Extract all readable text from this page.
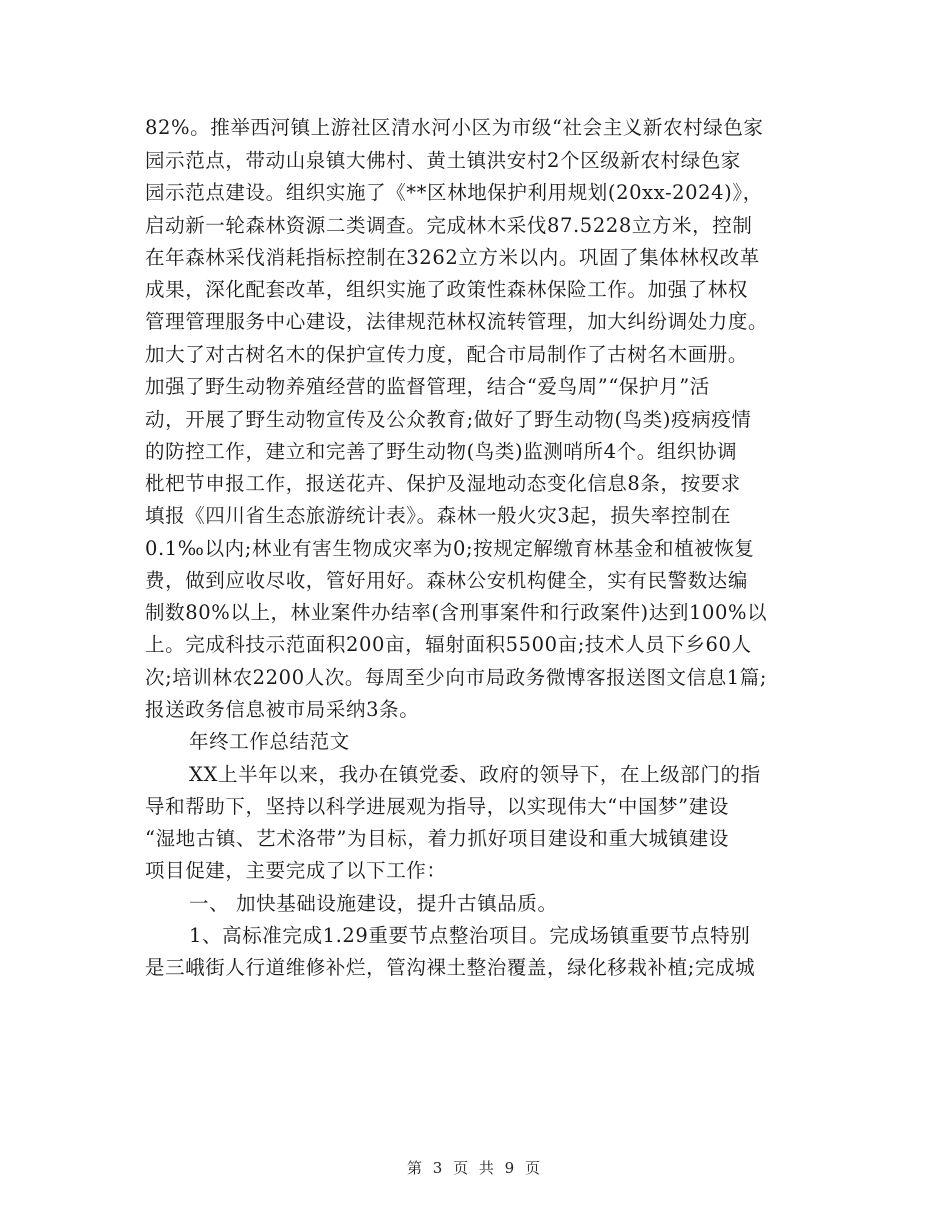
82%。推举西河镇上游社区清水河小区为市级“社会主义新农村绿色家
园示范点，带动山泉镇大佛村、黄土镇洪安村2个区级新农村绿色家
园示范点建设。组织实施了《**区林地保护利用规划(20xx-2024)》，
启动新一轮森林资源二类调查。完成林木采伐87.5228立方米，控制
在年森林采伐消耗指标控制在3262立方米以内。巩固了集体林权改革
成果，深化配套改革，组织实施了政策性森林保险工作。加强了林权
管理管理服务中心建设，法律规范林权流转管理，加大纠纷调处力度。
加大了对古树名木的保护宣传力度，配合市局制作了古树名木画册。
加强了野生动物养殖经营的监督管理，结合“爱鸟周”“保护月”活
动，开展了野生动物宣传及公众教育;做好了野生动物(鸟类)疫病疫情
的防控工作，建立和完善了野生动物(鸟类)监测哨所4个。组织协调
枇杷节申报工作，报送花卉、保护及湿地动态变化信息8条，按要求
填报《四川省生态旅游统计表》。森林一般火灾3起，损失率控制在
0.1‰以内;林业有害生物成灾率为0;按规定解缴育林基金和植被恢复
费，做到应收尽收，管好用好。森林公安机构健全，实有民警数达编
制数80%以上，林业案件办结率(含刑事案件和行政案件)达到100%以
上。完成科技示范面积200亩，辐射面积5500亩;技术人员下乡60人
次;培训林农2200人次。每周至少向市局政务微博客报送图文信息1篇;
报送政务信息被市局采纳3条。
年终工作总结范文
XX上半年以来，我办在镇党委、政府的领导下，在上级部门的指
导和帮助下，坚持以科学进展观为指导，以实现伟大“中国梦”建设
“湿地古镇、艺术洛带”为目标，着力抓好项目建设和重大城镇建设
项目促建，主要完成了以下工作：
一、 加快基础设施建设，提升古镇品质。
1、高标准完成1.29重要节点整治项目。完成场镇重要节点特别
是三峨街人行道维修补烂，管沟裸土整治覆盖，绿化移栽补植;完成城
第 3 页 共 9 页
